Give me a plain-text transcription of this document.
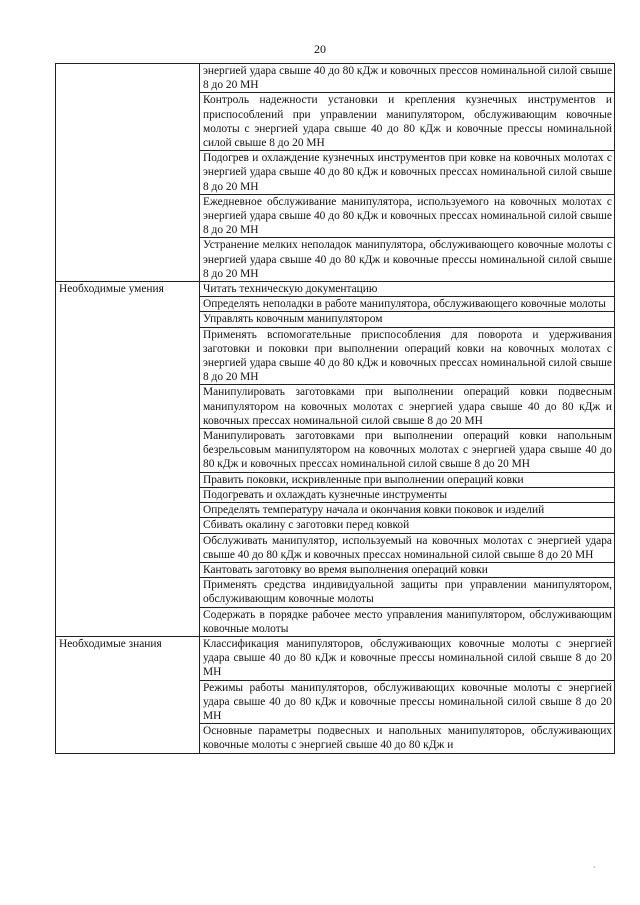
20
	энергией удара свыше 40 до 80 кДж и ковочных прессов номинальной силой свыше 8 до 20 МН
	Контроль надежности установки и крепления кузнечных инструментов и приспособлений при управлении манипулятором, обслуживающим ковочные молоты с энергией удара свыше 40 до 80 кДж и ковочные прессы номинальной силой свыше 8 до 20 МН
	Подогрев и охлаждение кузнечных инструментов при ковке на ковочных молотах с энергией удара свыше 40 до 80 кДж и ковочных прессах номинальной силой свыше 8 до 20 МН
	Ежедневное обслуживание манипулятора, используемого на ковочных молотах с энергией удара свыше 40 до 80 кДж и ковочных прессах номинальной силой свыше 8 до 20 МН
	Устранение мелких неполадок манипулятора, обслуживающего ковочные молоты с энергией удара свыше 40 до 80 кДж и ковочные прессы номинальной силой свыше 8 до 20 МН
Необходимые умения	Читать техническую документацию
	Определять неполадки в работе манипулятора, обслуживающего ковочные молоты
	Управлять ковочным манипулятором
	Применять вспомогательные приспособления для поворота и удерживания заготовки и поковки при выполнении операций ковки на ковочных молотах с энергией удара свыше 40 до 80 кДж и ковочных прессах номинальной силой свыше 8 до 20 МН
	Манипулировать заготовками при выполнении операций ковки подвесным манипулятором на ковочных молотах с энергией удара свыше 40 до 80 кДж и ковочных прессах номинальной силой свыше 8 до 20 МН
	Манипулировать заготовками при выполнении операций ковки напольным безрельсовым манипулятором на ковочных молотах с энергией удара свыше 40 до 80 кДж и ковочных прессах номинальной силой свыше 8 до 20 МН
	Править поковки, искривленные при выполнении операций ковки
	Подогревать и охлаждать кузнечные инструменты
	Определять температуру начала и окончания ковки поковок и изделий
	Сбивать окалину с заготовки перед ковкой
	Обслуживать манипулятор, используемый на ковочных молотах с энергией удара свыше 40 до 80 кДж и ковочных прессах номинальной силой свыше 8 до 20 МН
	Кантовать заготовку во время выполнения операций ковки
	Применять средства индивидуальной защиты при управлении манипулятором, обслуживающим ковочные молоты
	Содержать в порядке рабочее место управления манипулятором, обслуживающим ковочные молоты
Необходимые знания	Классификация манипуляторов, обслуживающих ковочные молоты с энергией удара свыше 40 до 80 кДж и ковочные прессы номинальной силой свыше 8 до 20 МН
	Режимы работы манипуляторов, обслуживающих ковочные молоты с энергией удара свыше 40 до 80 кДж и ковочные прессы номинальной силой свыше 8 до 20 МН
	Основные параметры подвесных и напольных манипуляторов, обслуживающих ковочные молоты с энергией свыше 40 до 80 кДж и
ˏ
